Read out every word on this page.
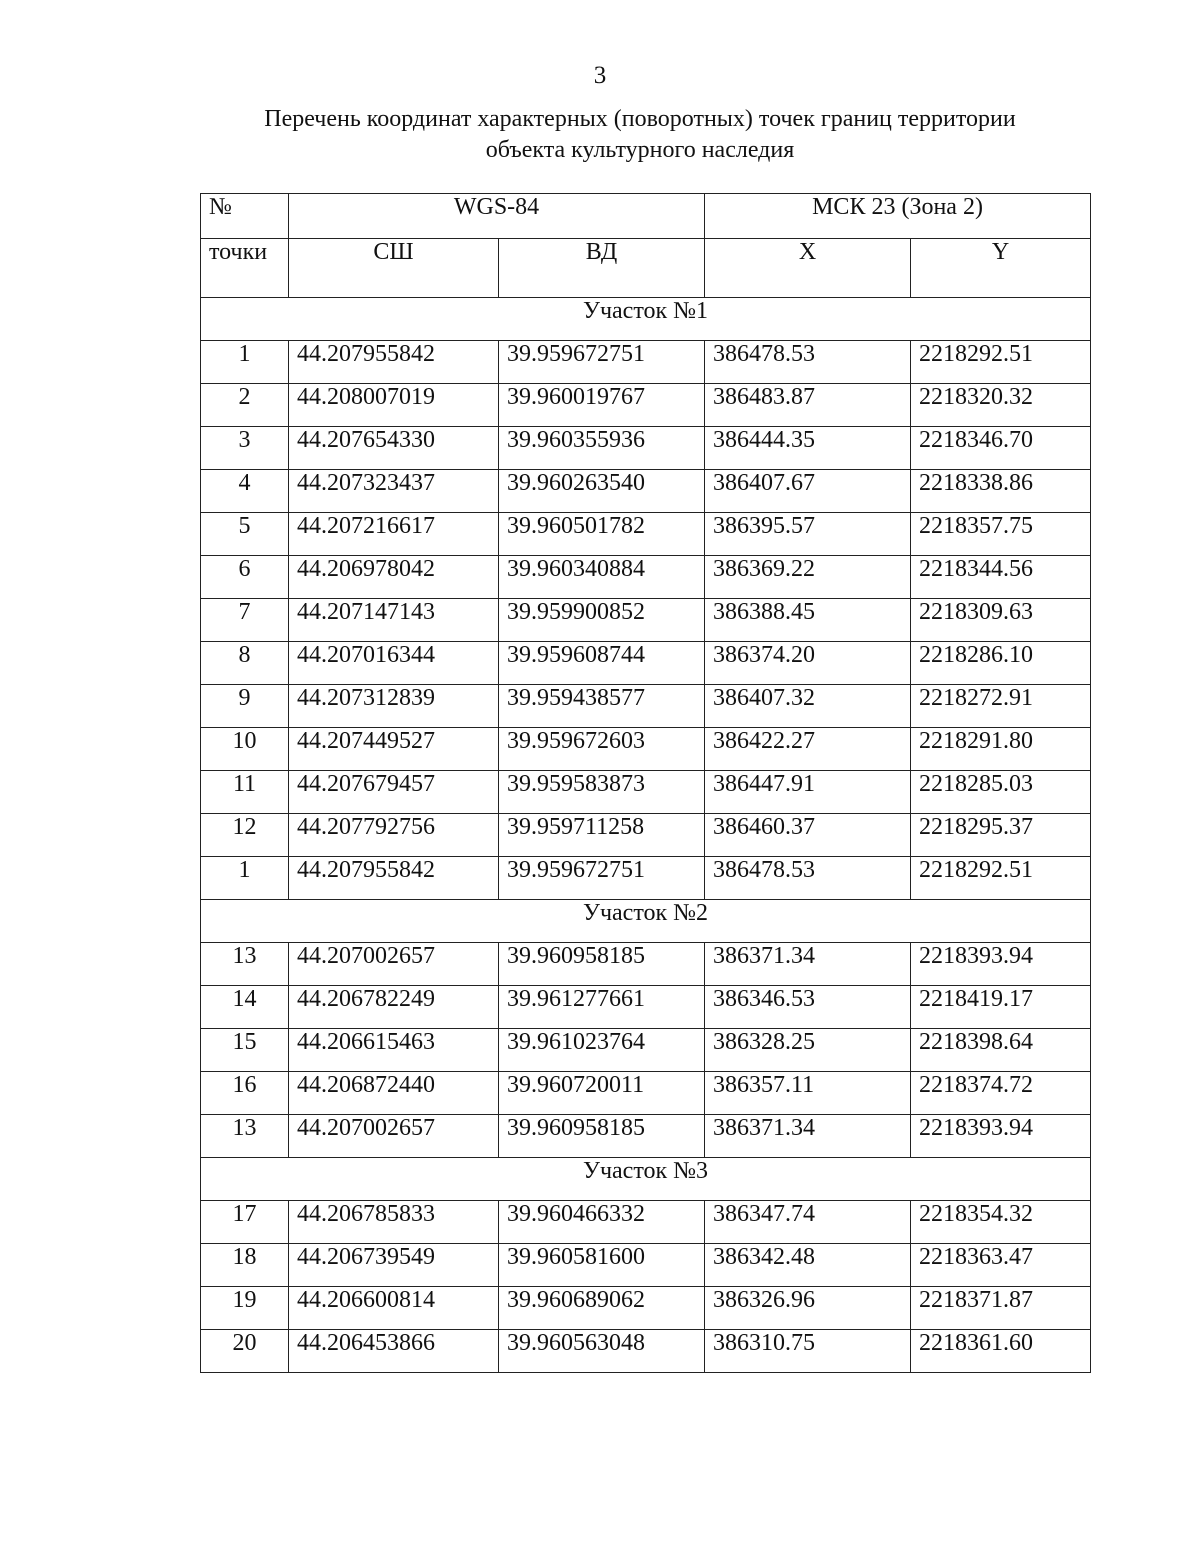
3
Перечень координат характерных (поворотных) точек границ территории
объекта культурного наследия
№	WGS-84		МСК 23 (Зона 2)	
точки	СШ	ВД	X	Y
Участок №1				
1	44.207955842	39.959672751	386478.53	2218292.51
2	44.208007019	39.960019767	386483.87	2218320.32
3	44.207654330	39.960355936	386444.35	2218346.70
4	44.207323437	39.960263540	386407.67	2218338.86
5	44.207216617	39.960501782	386395.57	2218357.75
6	44.206978042	39.960340884	386369.22	2218344.56
7	44.207147143	39.959900852	386388.45	2218309.63
8	44.207016344	39.959608744	386374.20	2218286.10
9	44.207312839	39.959438577	386407.32	2218272.91
10	44.207449527	39.959672603	386422.27	2218291.80
11	44.207679457	39.959583873	386447.91	2218285.03
12	44.207792756	39.959711258	386460.37	2218295.37
1	44.207955842	39.959672751	386478.53	2218292.51
Участок №2				
13	44.207002657	39.960958185	386371.34	2218393.94
14	44.206782249	39.961277661	386346.53	2218419.17
15	44.206615463	39.961023764	386328.25	2218398.64
16	44.206872440	39.960720011	386357.11	2218374.72
13	44.207002657	39.960958185	386371.34	2218393.94
Участок №3				
17	44.206785833	39.960466332	386347.74	2218354.32
18	44.206739549	39.960581600	386342.48	2218363.47
19	44.206600814	39.960689062	386326.96	2218371.87
20	44.206453866	39.960563048	386310.75	2218361.60
